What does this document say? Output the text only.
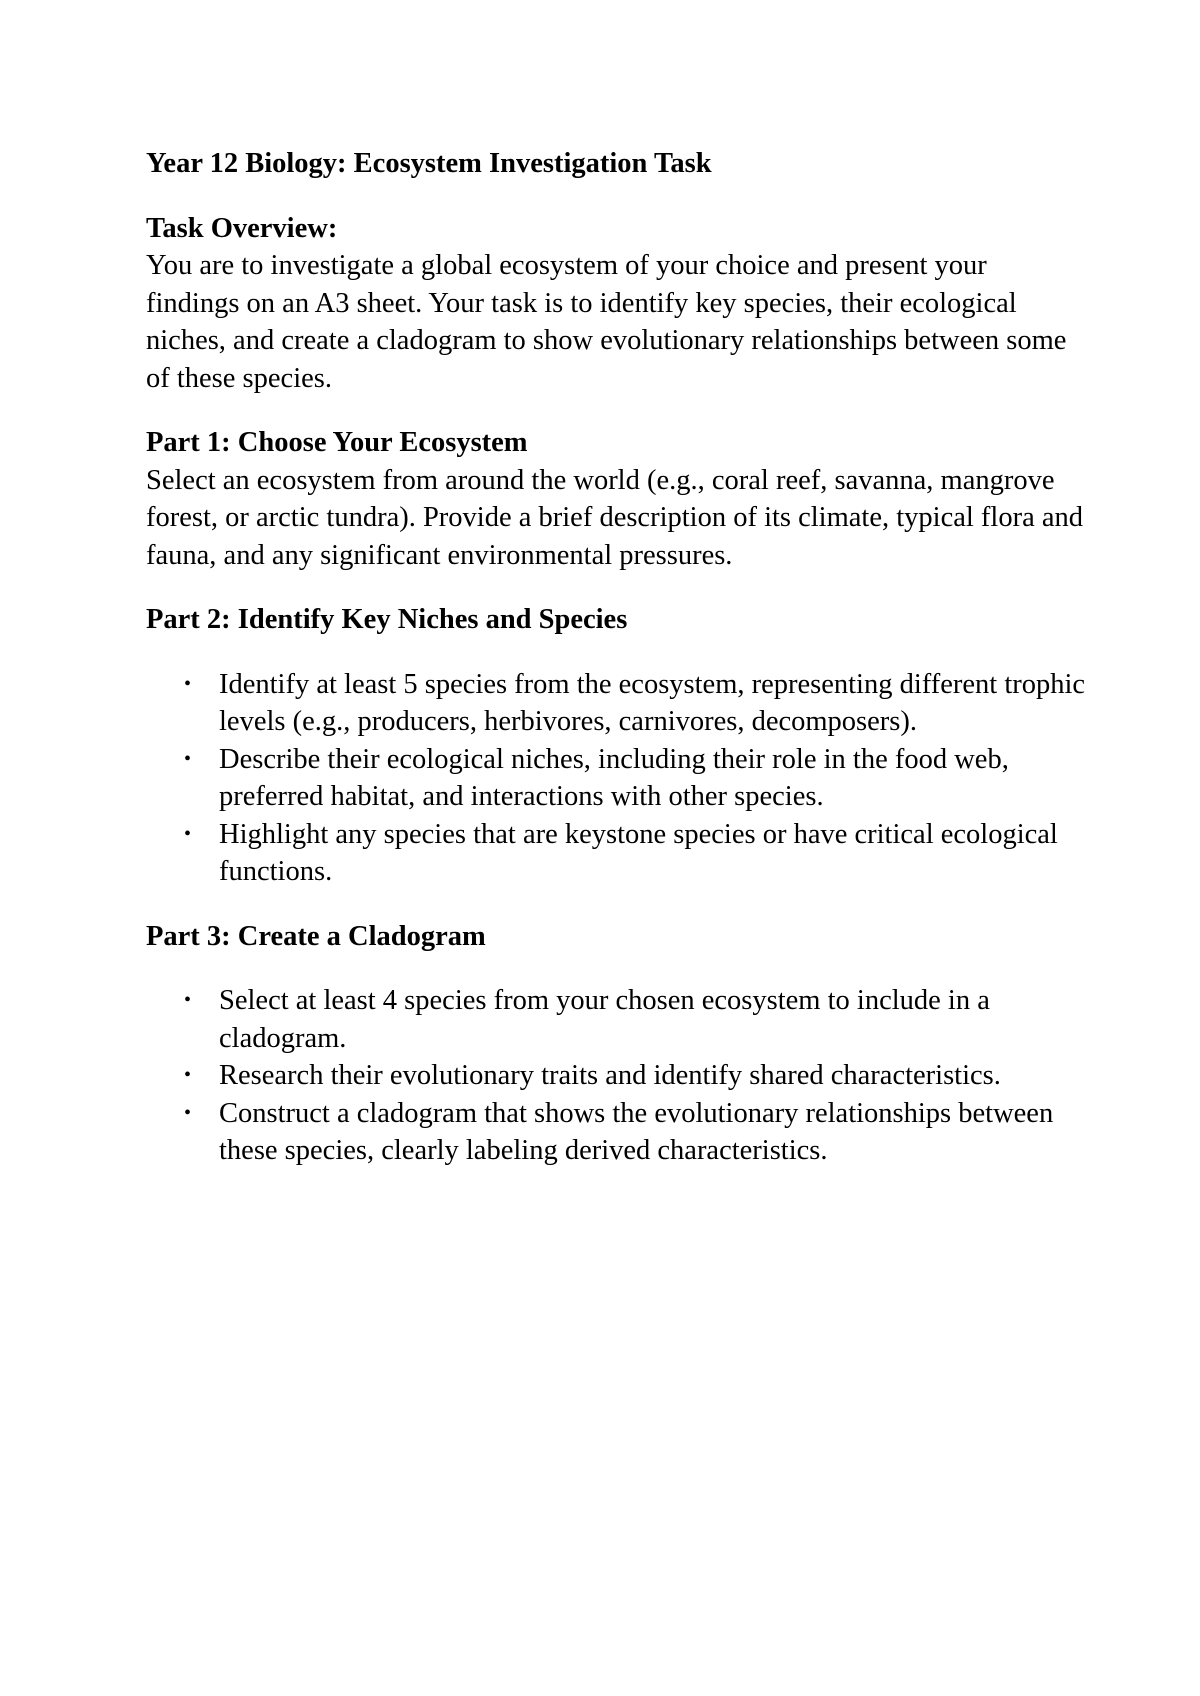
Year 12 Biology: Ecosystem Investigation Task
Task Overview:

You are to investigate a global ecosystem of your choice and present your findings on an A3 sheet. Your task is to identify key species, their ecological niches, and create a cladogram to show evolutionary relationships between some of these species.

Part 1: Choose Your Ecosystem

Select an ecosystem from around the world (e.g., coral reef, savanna, mangrove forest, or arctic tundra). Provide a brief description of its climate, typical flora and fauna, and any significant environmental pressures.

Part 2: Identify Key Niches and Species
• Identify at least 5 species from the ecosystem, representing different trophic levels (e.g., producers, herbivores, carnivores, decomposers).
• Describe their ecological niches, including their role in the food web, preferred habitat, and interactions with other species.
• Highlight any species that are keystone species or have critical ecological functions.
Part 3: Create a Cladogram
• Select at least 4 species from your chosen ecosystem to include in a cladogram.
• Research their evolutionary traits and identify shared characteristics.
• Construct a cladogram that shows the evolutionary relationships between these species, clearly labeling derived characteristics.
